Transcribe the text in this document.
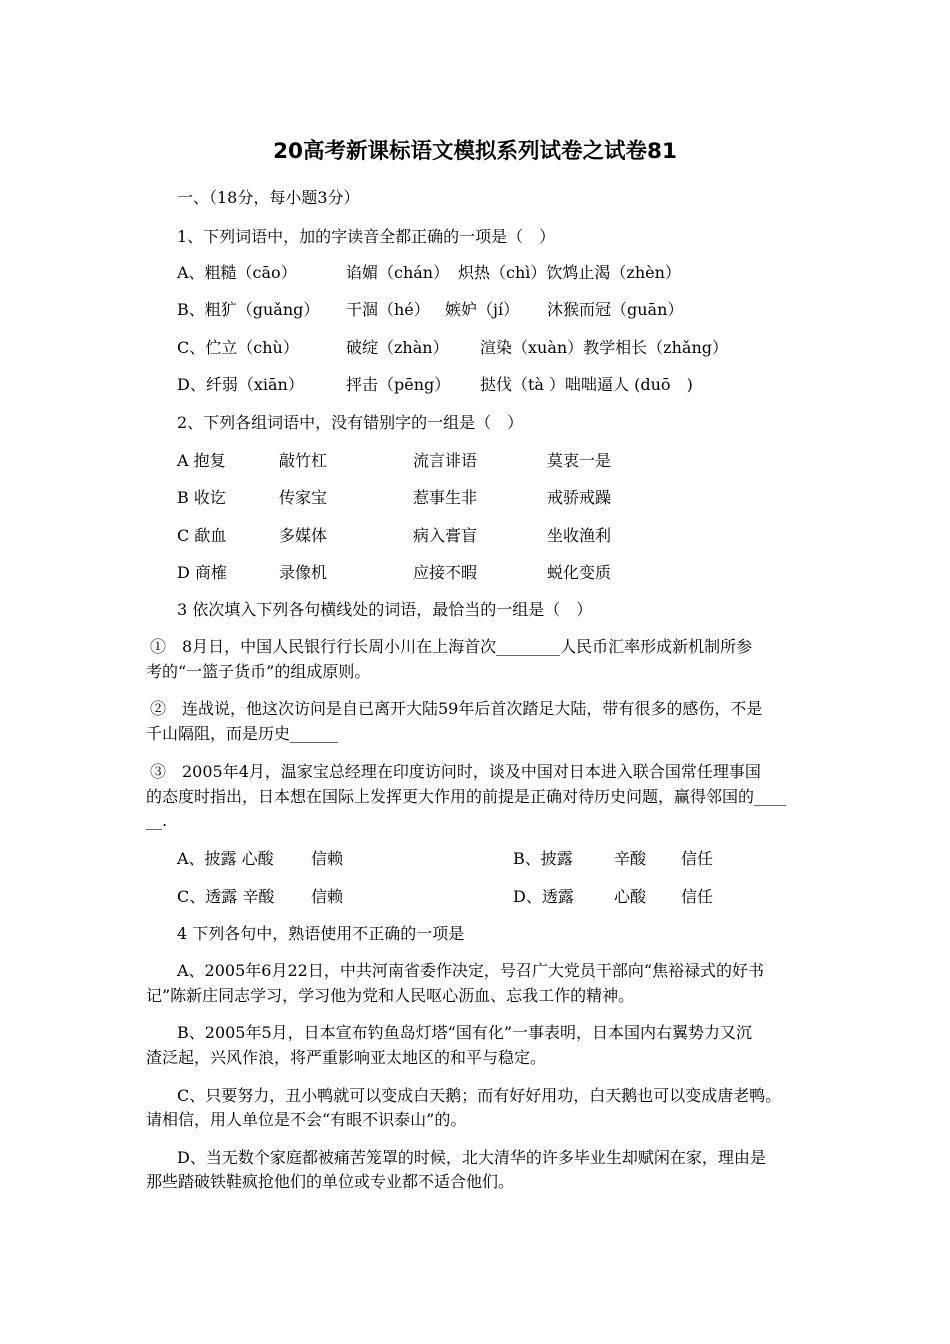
20高考新课标语文模拟系列试卷之试卷81
一、（18分，每小题3分）
1、下列词语中，加的字读音全都正确的一项是（　）
A、粗糙（cāo）	谄媚（chán） 炽热（chì）饮鸩止渴（zhèn）
B、粗犷（guǎng） 干涸（hé） 嫉妒（jí） 沐猴而冠（guān）
C、伫立（chù）	破绽（zhàn） 渲染（xuàn）教学相长（zhǎng）
D、纤弱（xiān）	抨击（pēng） 挞伐（tà ）咄咄逼人 (duō　)
2、下列各组词语中，没有错别字的一组是（　）
A 抱复	敲竹杠	流言诽语	莫衷一是
B 收讫	传家宝	惹事生非	戒骄戒躁
C 歃血	多媒体	病入膏盲	坐收渔利
D 商榷	录像机	应接不暇	蜕化变质
3 依次填入下列各句横线处的词语，最恰当的一组是（　）
①　8月日，中国人民银行行长周小川在上海首次________人民币汇率形成新机制所参
考的“一篮子货币”的组成原则。
②　连战说，他这次访问是自已离开大陆59年后首次踏足大陆，带有很多的感伤，不是
千山隔阻，而是历史______
③　2005年4月，温家宝总经理在印度访问时，谈及中国对日本进入联合国常任理事国
的态度时指出，日本想在国际上发挥更大作用的前提是正确对待历史问题，赢得邻国的____
__.
A、披露 心酸 信赖	B、披露	辛酸 信任
C、透露 辛酸 信赖	D、透露	心酸 信任
4 下列各句中，熟语使用不正确的一项是
A、2005年6月22日，中共河南省委作决定，号召广大党员干部向“焦裕禄式的好书
记”陈新庄同志学习，学习他为党和人民呕心沥血、忘我工作的精神。
B、2005年5月，日本宣布钓鱼岛灯塔“国有化”一事表明，日本国内右翼势力又沉
渣泛起，兴风作浪，将严重影响亚太地区的和平与稳定。
C、只要努力，丑小鸭就可以变成白天鹅；而有好好用功，白天鹅也可以变成唐老鸭。
请相信，用人单位是不会“有眼不识泰山”的。
D、当无数个家庭都被痛苦笼罩的时候，北大清华的许多毕业生却赋闲在家，理由是
那些踏破铁鞋疯抢他们的单位或专业都不适合他们。
